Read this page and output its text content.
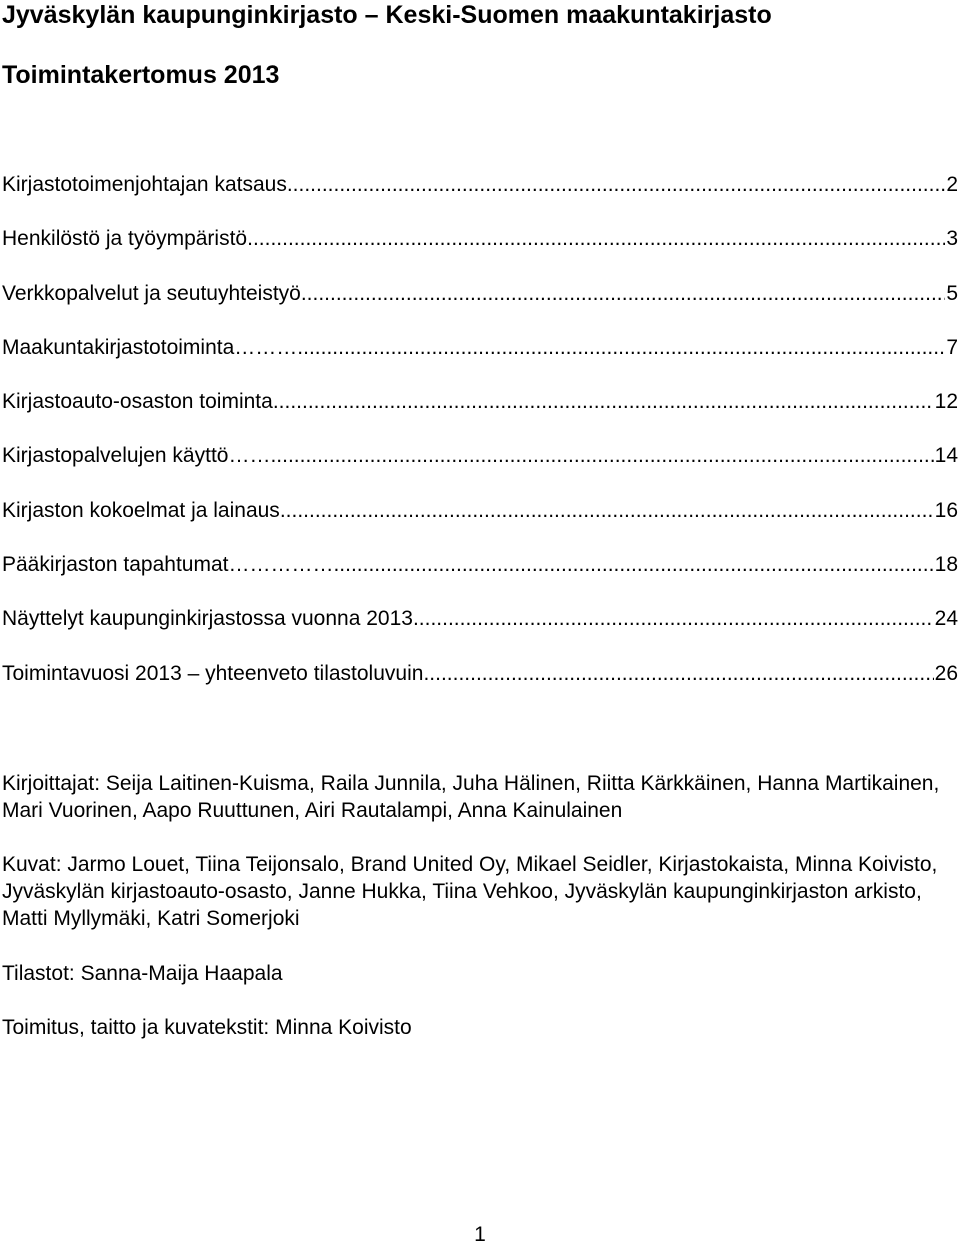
Jyväskylän kaupunginkirjasto – Keski-Suomen maakuntakirjasto
Toimintakertomus 2013
Kirjastotoimenjohtajan katsaus .....	2
Henkilöstö ja työympäristö .....	3
Verkkopalvelut ja seutuyhteistyö .....	5
Maakuntakirjastotoiminta……… .....	7
Kirjastoauto-osaston toiminta .....	12
Kirjastopalvelujen käyttö…… .....	14
Kirjaston kokoelmat ja lainaus .....	16
Pääkirjaston tapahtumat…………… .....	18
Näyttelyt kaupunginkirjastossa vuonna 2013 .....	24
Toimintavuosi 2013 – yhteenveto tilastoluvuin .....	26

Kirjoittajat: Seija Laitinen-Kuisma, Raila Junnila, Juha Hälinen, Riitta Kärkkäinen, Hanna Martikainen, Mari Vuorinen, Aapo Ruuttunen, Airi Rautalampi, Anna Kainulainen

Kuvat: Jarmo Louet, Tiina Teijonsalo, Brand United Oy, Mikael Seidler, Kirjastokaista, Minna Koivisto, Jyväskylän kirjastoauto-osasto, Janne Hukka, Tiina Vehkoo, Jyväskylän kaupunginkirjaston arkisto, Matti Myllymäki, Katri Somerjoki

Tilastot: Sanna-Maija Haapala

Toimitus, taitto ja kuvatekstit: Minna Koivisto

1
